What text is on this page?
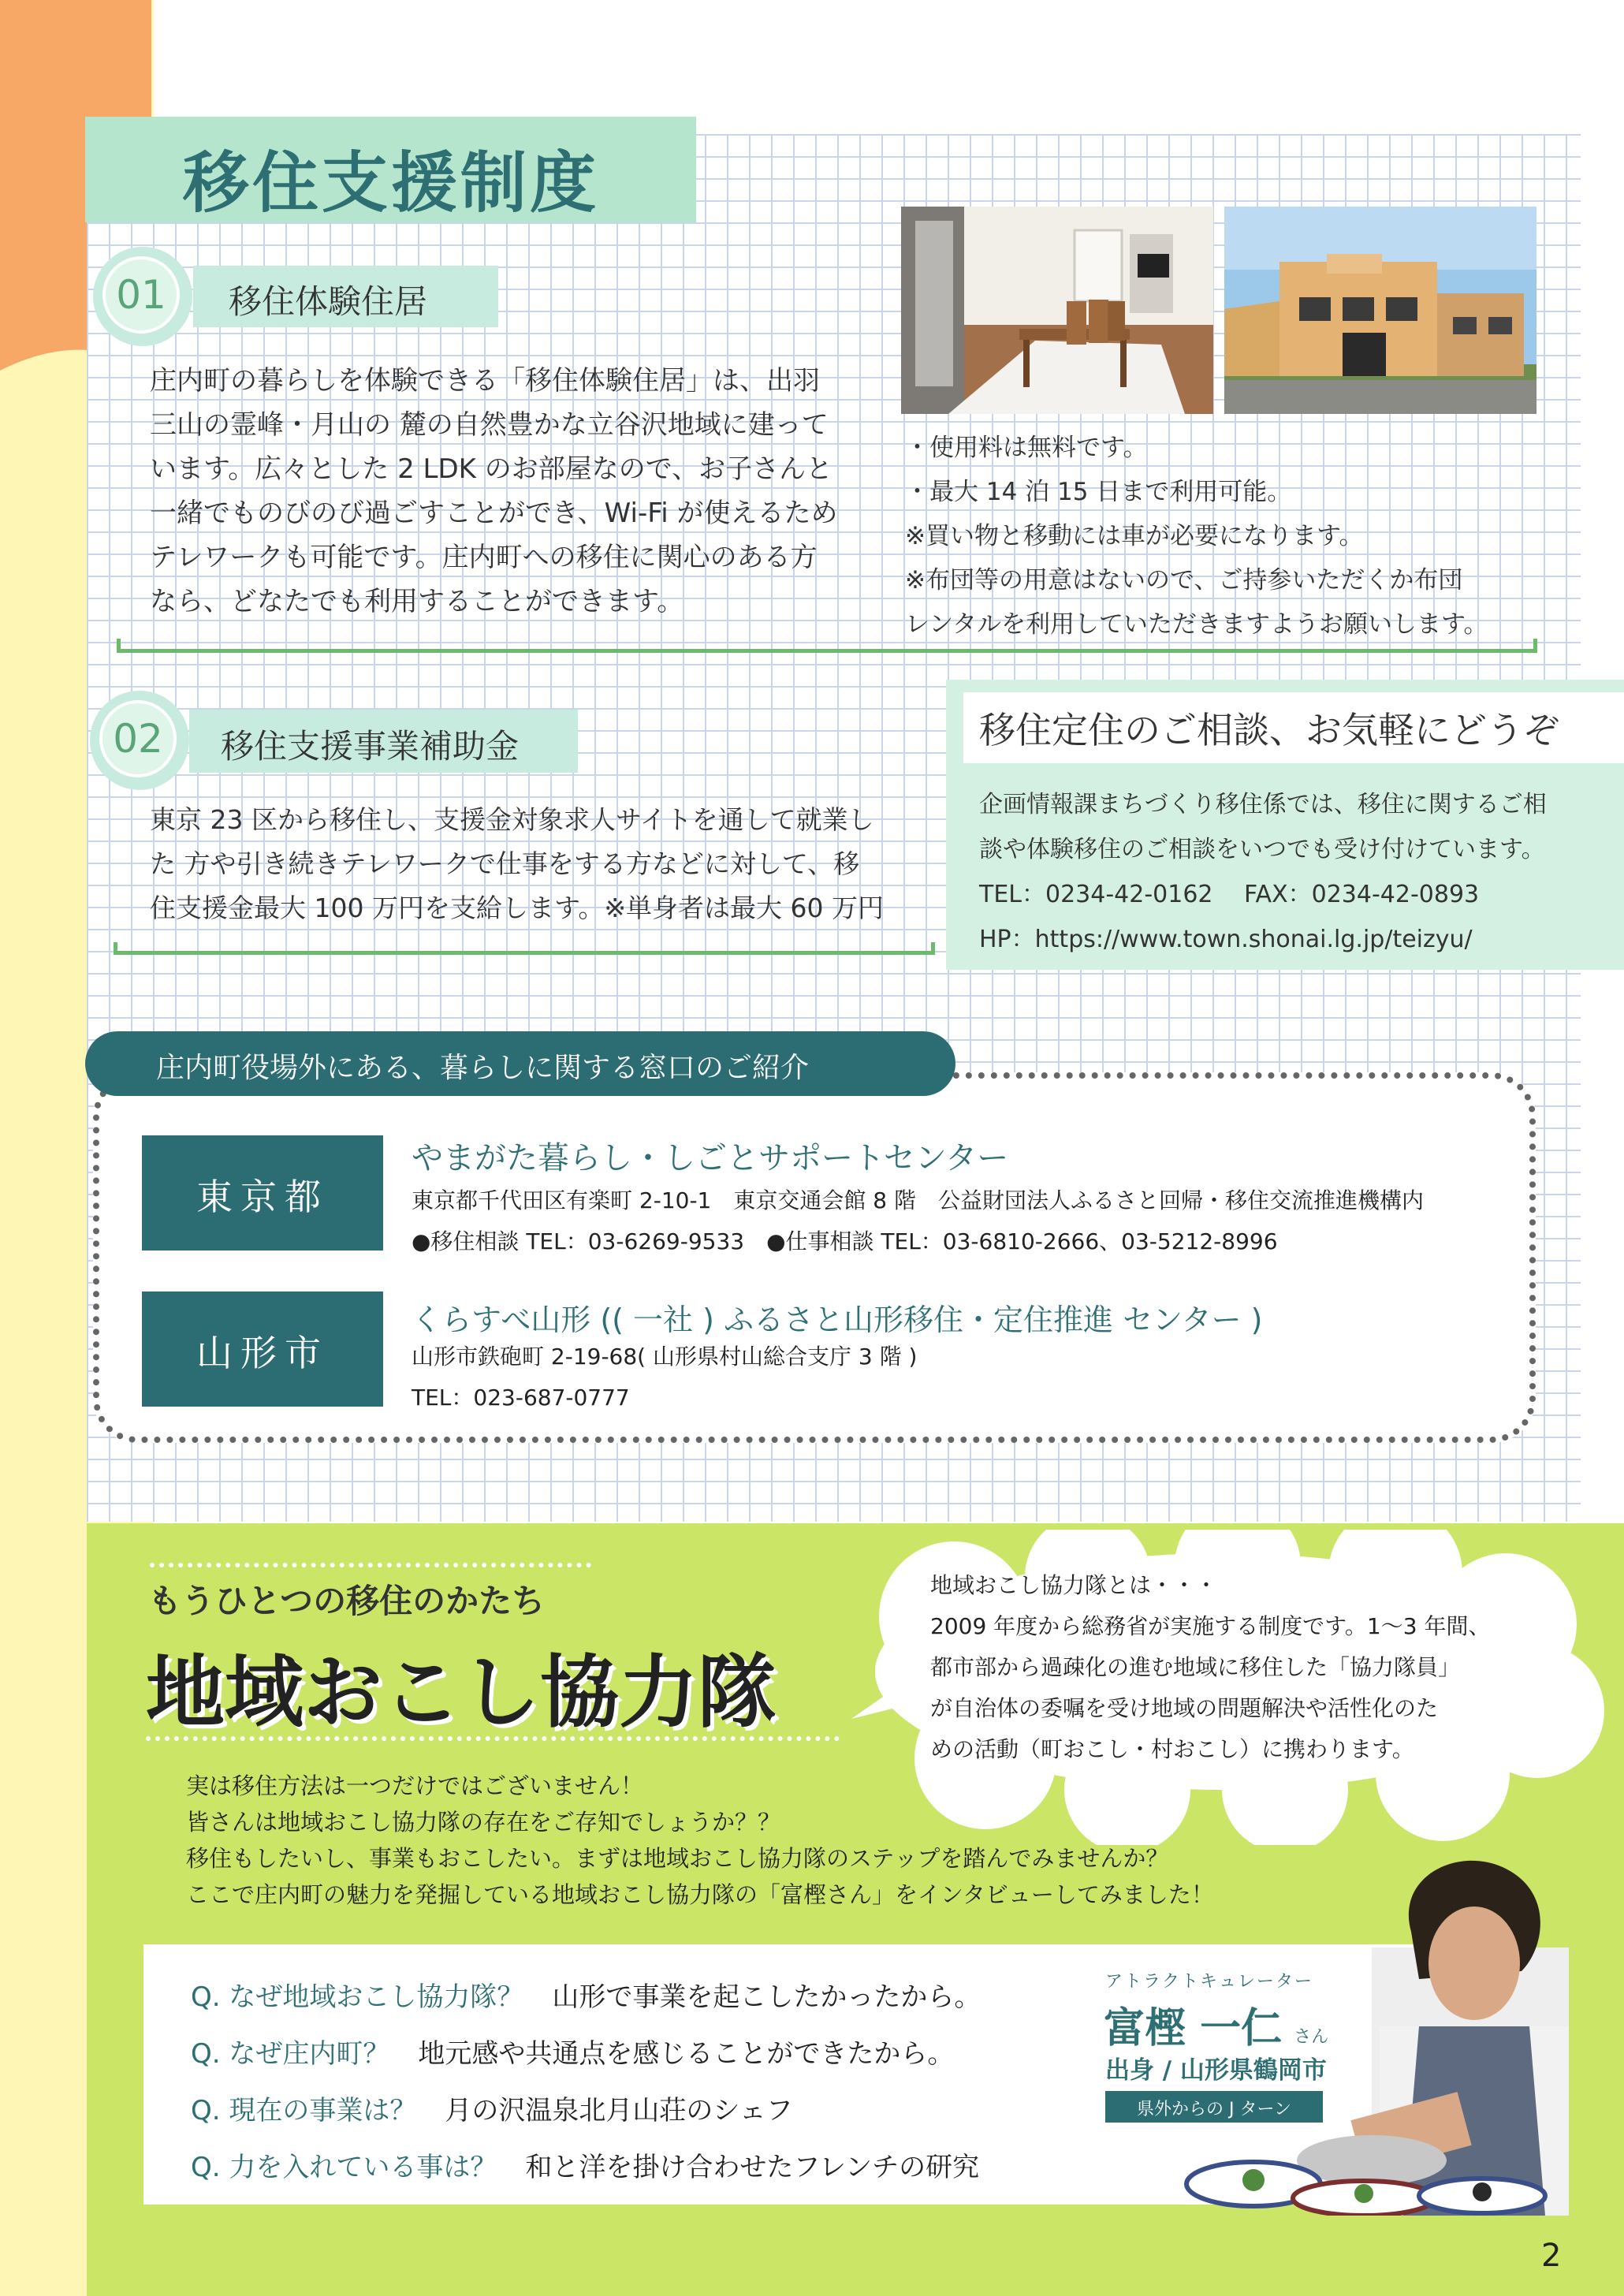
移住支援制度
01	移住体験住居
庄内町の暮らしを体験できる「移住体験住居」は、出羽
三山の霊峰・月山の 麓の自然豊かな立谷沢地域に建って
います。広々とした 2 LDK のお部屋なので、お子さんと
一緒でものびのび過ごすことができ、Wi-Fi が使えるため
テレワークも可能です。庄内町への移住に関心のある方
なら、どなたでも利用することができます。
・使用料は無料です。
・最大 14 泊 15 日まで利用可能。
※買い物と移動には車が必要になります。
※布団等の用意はないので、ご持参いただくか布団
レンタルを利用していただきますようお願いします。
02	移住支援事業補助金
東京 23 区から移住し、支援金対象求人サイトを通して就業し
た 方や引き続きテレワークで仕事をする方などに対して、移
住支援金最大 100 万円を支給します。※単身者は最大 60 万円
移住定住のご相談、お気軽にどうぞ
企画情報課まちづくり移住係では、移住に関するご相
談や体験移住のご相談をいつでも受け付けています。
TEL：0234-42-0162　 FAX：0234-42-0893
HP：https://www.town.shonai.lg.jp/teizyu/
庄内町役場外にある、暮らしに関する窓口のご紹介
東京都
やまがた暮らし・しごとサポートセンター
東京都千代田区有楽町 2-10-1　東京交通会館 8 階　公益財団法人ふるさと回帰・移住交流推進機構内
●移住相談 TEL：03-6269-9533　●仕事相談 TEL：03-6810-2666、03-5212-8996
山形市
くらすべ山形 (( 一社 ) ふるさと山形移住・定住推進 センター )
山形市鉄砲町 2-19-68( 山形県村山総合支庁 3 階 )
TEL：023-687-0777
地域おこし協力隊とは・・・
2009 年度から総務省が実施する制度です。1～3 年間、
都市部から過疎化の進む地域に移住した「協力隊員」
が自治体の委嘱を受け地域の問題解決や活性化のた
めの活動（町おこし・村おこし）に携わります。
もうひとつの移住のかたち
地域おこし協力隊
実は移住方法は一つだけではございません！
皆さんは地域おこし協力隊の存在をご存知でしょうか？？
移住もしたいし、事業もおこしたい。まずは地域おこし協力隊のステップを踏んでみませんか？
ここで庄内町の魅力を発掘している地域おこし協力隊の「富樫さん」をインタビューしてみました！
Q. なぜ地域おこし協力隊？ 山形で事業を起こしたかったから。
Q. なぜ庄内町？ 地元感や共通点を感じることができたから。
Q. 現在の事業は？ 月の沢温泉北月山荘のシェフ
Q. 力を入れている事は？ 和と洋を掛け合わせたフレンチの研究
アトラクトキュレーター
富樫 一仁 さん
出身 / 山形県鶴岡市
県外からの J ターン
2
